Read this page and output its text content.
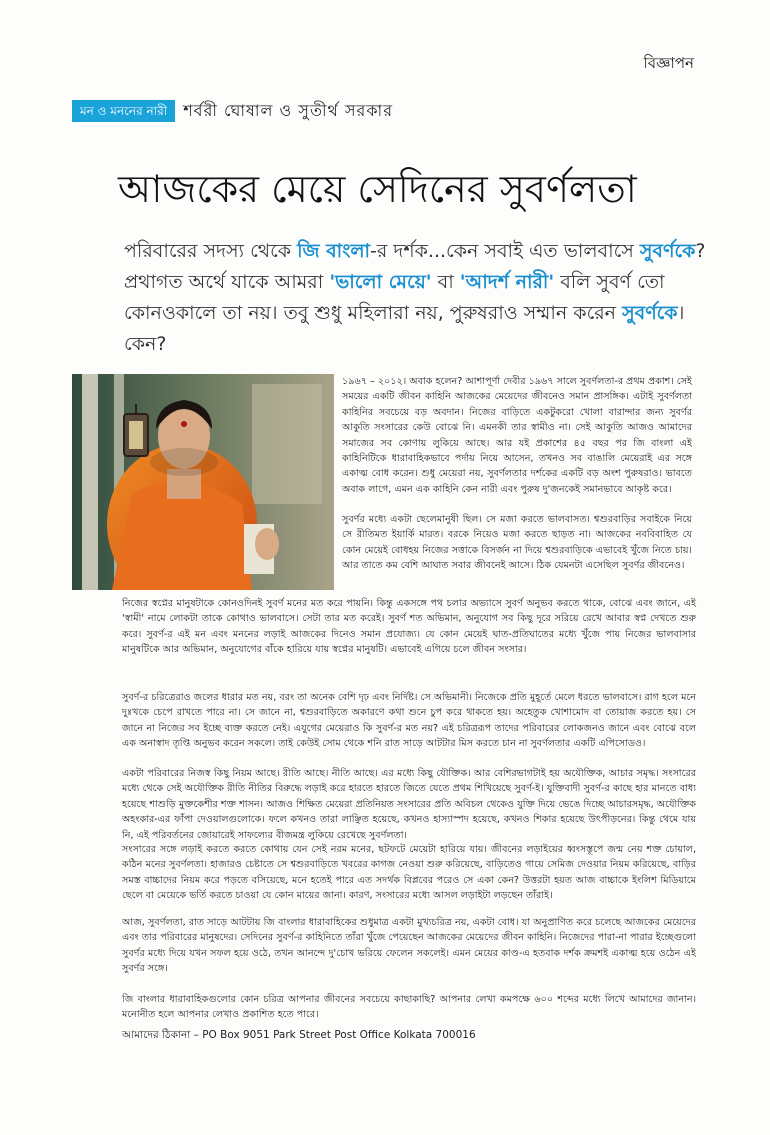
বিজ্ঞাপন
মন ও মননের নারী	শর্বরী ঘোষাল ও সুতীর্থ সরকার
আজকের মেয়ে সেদিনের সুবর্ণলতা
পরিবারের সদস্য থেকে জি বাংলা-র দর্শক...কেন সবাই এত ভালবাসে সুবর্ণকে? প্রথাগত অর্থে যাকে আমরা 'ভালো মেয়ে' বা 'আদর্শ নারী' বলি সুবর্ণ তো কোনওকালে তা নয়। তবু শুধু মহিলারা নয়, পুরুষরাও সম্মান করেন সুবর্ণকে। কেন?
১৯৬৭ – ২০১২। অবাক হলেন? আশাপূর্ণা দেবীর ১৯৬৭ সালে সুবর্ণলতা-র প্রথম প্রকাশ। সেই সময়ের একটি জীবন কাহিনি আজকের মেয়েদের জীবনেও সমান প্রাসঙ্গিক। এটাই সুবর্ণলতা কাহিনির সবচেয়ে বড় অবদান। নিজের বাড়িতে একটুকরো খোলা বারান্দার জন্য সুবর্ণর আকুতি সংসারের কেউ বোঝে নি। এমনকী তার স্বামীও না। সেই আকুতি আজও আমাদের সমাজের সব কোণায় লুকিয়ে আছে। আর যই প্রকাশের ৪৫ বছর পর জি বাংলা এই কাহিনিটিকে ধারাবাহিকভাবে পর্দায় নিয়ে আসেন, তখনও সব বাঙালি মেয়েরাই এর সঙ্গে একাত্ম বোধ করেন। শুধু মেয়েরা নয়, সুবর্ণলতার দর্শকের একটি বড় অংশ পুরুষরাও। ভাবতে অবাক লাগে, এমন এক কাহিনি কেন নারী এবং পুরুষ দু'জনকেই সমানভাবে আকৃষ্ট করে।
সুবর্ণর মধ্যে একটা ছেলেমানুষী ছিল। সে মজা করতে ভালবাসত। শ্বশুরবাড়ির সবাইকে নিয়ে সে রীতিমত ইয়ার্কি মারত। বরকে নিয়েও মজা করতে ছাড়ত না। আজকের নববিবাহিত যে কোন মেয়েই বোধহয় নিজের সত্তাকে বিসর্জন না দিয়ে শ্বশুরবাড়িকে এভাবেই খুঁজে নিতে চায়। আর তাতে কম বেশি আঘাত সবার জীবনেই আসে। ঠিক যেমনটা এসেছিল সুবর্ণর জীবনেও।
নিজের স্বপ্নের মানুষটাকে কোনওদিনই সুবর্ণ মনের মত করে পায়নি। কিন্তু একসঙ্গে পথ চলার অভ্যাসে সুবর্ণ অনুভব করতে থাকে, বোঝে এবং জানে, এই 'স্বামী' নামে লোকটা তাকে কোথাও ভালবাসে। সেটা তার মত করেই। সুবর্ণ শত অভিমান, অনুযোগ সব কিছু দূরে সরিয়ে রেখে আবার স্বপ্ন দেখতে শুরু করে। সুবর্ণ-র এই মন এবং মননের লড়াই আজকের দিনেও সমান প্রযোজ্য। যে কোন মেয়েই ঘাত-প্রতিঘাতের মধ্যে খুঁজে পায় নিজের ভালবাসার মানুষটিকে আর অভিমান, অনুযোগের বাঁকে হারিয়ে যায় স্বপ্নের মানুষটি। এভাবেই এগিয়ে চলে জীবন সংসার।
সুবর্ণ-র চরিত্রেরাও জলের ধারার মত নয়, বরং তা অনেক বেশি দৃঢ় এবং নির্দিষ্ট। সে অভিমানী। নিজেকে প্রতি মুহূর্তে মেলে ধরতে ভালবাসে। রাগ হলে মনে দুঃখকে চেপে রাখতে পারে না। সে জানে না, শ্বশুরবাড়িতে অকারণে কথা শুনে চুপ করে থাকতে হয়। অহেতুক খোশামোদ বা তোয়াজ করতে হয়। সে জানে না নিজের সব ইচ্ছে ব্যক্ত করতে নেই। এযুগের মেয়েরাও কি সুবর্ণ-র মত নয়? এই চরিত্ররূপ তাদের পরিবারের লোকজনও জানে এবং বোঝে বলে এক অনাস্বাদ তৃপ্তি অনুভব করেন সকলে। তাই কেউই সোম থেকে শনি রাত সাড়ে আটটার মিস করতে চান না সুবর্ণলতার একটি এপিসোডও।
একটা পরিবারের নিজস্ব কিছু নিয়ম আছে। রীতি আছে। নীতি আছে। এর মধ্যে কিছু যৌক্তিক। আর বেশিরভাগটাই হয় অযৌক্তিক, আচার সমৃদ্ধ। সংসারের মধ্যে থেকে সেই অযৌক্তিক রীতি নীতির বিরুদ্ধে লড়াই করে হারতে হারতে জিতে যেতে প্রথম শিখিয়েছে সুবর্ণ-ই। যুক্তিবাদী সুবর্ণ-র কাছে হার মানতে বাধ্য হয়েছে শাশুড়ি মুক্তকেশীর শক্ত শাসন। আজও শিক্ষিত মেয়েরা প্রতিনিয়ত সংসারের প্রতি অবিচল থেকেও যুক্তি দিয়ে ভেঙে দিচ্ছে আচারসমৃদ্ধ, অযৌক্তিক অহংকার-এর ফাঁপা দেওয়ালগুলোকে। ফলে কখনও তারা লাঞ্ছিত হয়েছে, কখনও হাস্যাস্পদ হয়েছে, কখনও শিকার হয়েছে উৎপীড়নের। কিন্তু থেমে যায় নি, এই পরিবর্তনের জোয়ারেই সাফল্যের বীজমন্ত্র লুকিয়ে রেখেছে সুবর্ণলতা।
সংসারের সঙ্গে লড়াই করতে করতে কোথায় যেন সেই নরম মনের, ছটফটে মেয়েটা হারিয়ে যায়। জীবনের লড়াইয়ের ধ্বংসস্তূপে জন্ম নেয় শক্ত চোয়াল, কঠিন মনের সুবর্ণলতা। হাজারও চেষ্টাতে সে শ্বশুরবাড়িতে খবরের কাগজ নেওয়া শুরু করিয়েছে, বাড়িতেও গায়ে সেমিজ দেওয়ার নিয়ম করিয়েছে, বাড়ির সমস্ত বাচ্চাদের নিয়ম করে পড়তে বসিয়েছে, মনে হতেই পারে এত সদর্থক বিপ্লবের পরেও সে একা কেন? উত্তরটা হয়ত আজ বাচ্চাকে ইংলিশ মিডিয়ামে ছেলে বা মেয়েকে ভর্তি করতে চাওয়া যে কোন মায়ের জানা। কারণ, সংসারের মধ্যে আসল লড়াইটা লড়ছেন তাঁরাই।
আজ, সুবর্ণলতা, রাত সাড়ে আটটায় জি বাংলার ধারাবাহিকের শুধুমাত্র একটা মুখ্যচরিত্র নয়, একটা বোধ। যা অনুপ্রাণিত করে চলেছে আজকের মেয়েদের এবং তার পরিবারের মানুষদের। সেদিনের সুবর্ণ-র কাহিনিতে তাঁরা খুঁজে পেয়েছেন আজকের মেয়েদের জীবন কাহিনি। নিজেদের পারা-না পারার ইচ্ছেগুলো সুবর্ণর মধ্যে দিয়ে যখন সফল হয়ে ওঠে, তখন আনন্দে দু'চোখ ভরিয়ে ফেলেন সকলেই। এমন মেয়ের কাণ্ড-এ হতবাক দর্শক ক্রমশই একাত্ম হয়ে ওঠেন এই সুবর্ণর সঙ্গে।
জি বাংলার ধারাবাহিকগুলোর কোন চরিত্র আপনার জীবনের সবচেয়ে কাছাকাছি? আপনার লেখা কমপক্ষে ৬০০ শব্দের মধ্যে লিখে আমাদের জানান। মনোনীত হলে আপনার লেখাও প্রকাশিত হতে পারে।
আমাদের ঠিকানা – PO Box 9051 Park Street Post Office Kolkata 700016
